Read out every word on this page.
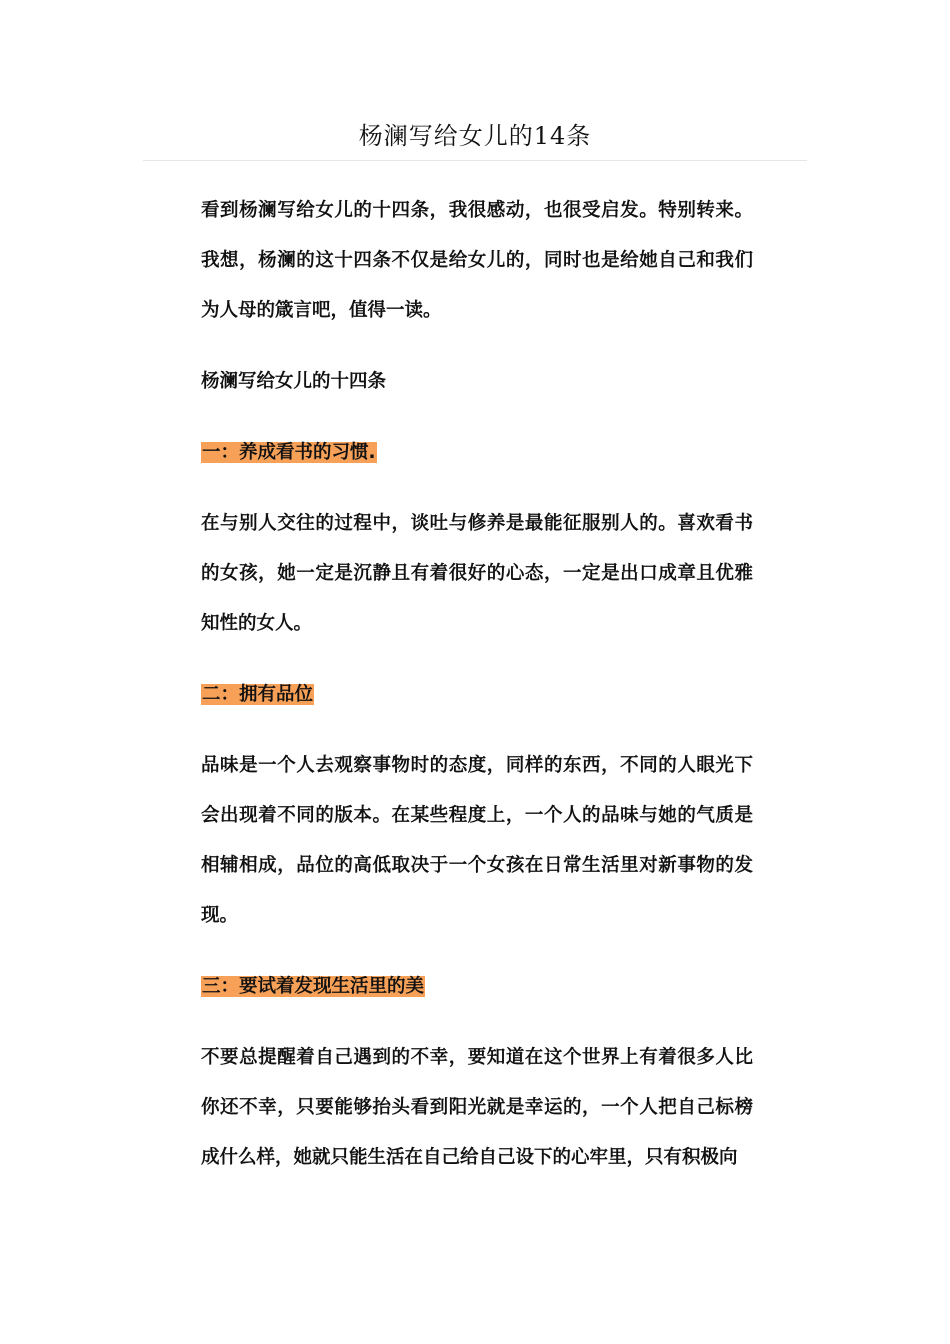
杨澜写给女儿的14条

看到杨澜写给女儿的十四条，我很感动，也很受启发。特别转来。我想，杨澜的这十四条不仅是给女儿的，同时也是给她自己和我们为人母的箴言吧，值得一读。

杨澜写给女儿的十四条

一：养成看书的习惯.

在与别人交往的过程中，谈吐与修养是最能征服别人的。喜欢看书的女孩，她一定是沉静且有着很好的心态，一定是出口成章且优雅知性的女人。

二：拥有品位

品味是一个人去观察事物时的态度，同样的东西，不同的人眼光下会出现着不同的版本。在某些程度上，一个人的品味与她的气质是相辅相成，品位的高低取决于一个女孩在日常生活里对新事物的发现。

三：要试着发现生活里的美

不要总提醒着自己遇到的不幸，要知道在这个世界上有着很多人比你还不幸，只要能够抬头看到阳光就是幸运的，一个人把自己标榜成什么样，她就只能生活在自己给自己设下的心牢里，只有积极向
